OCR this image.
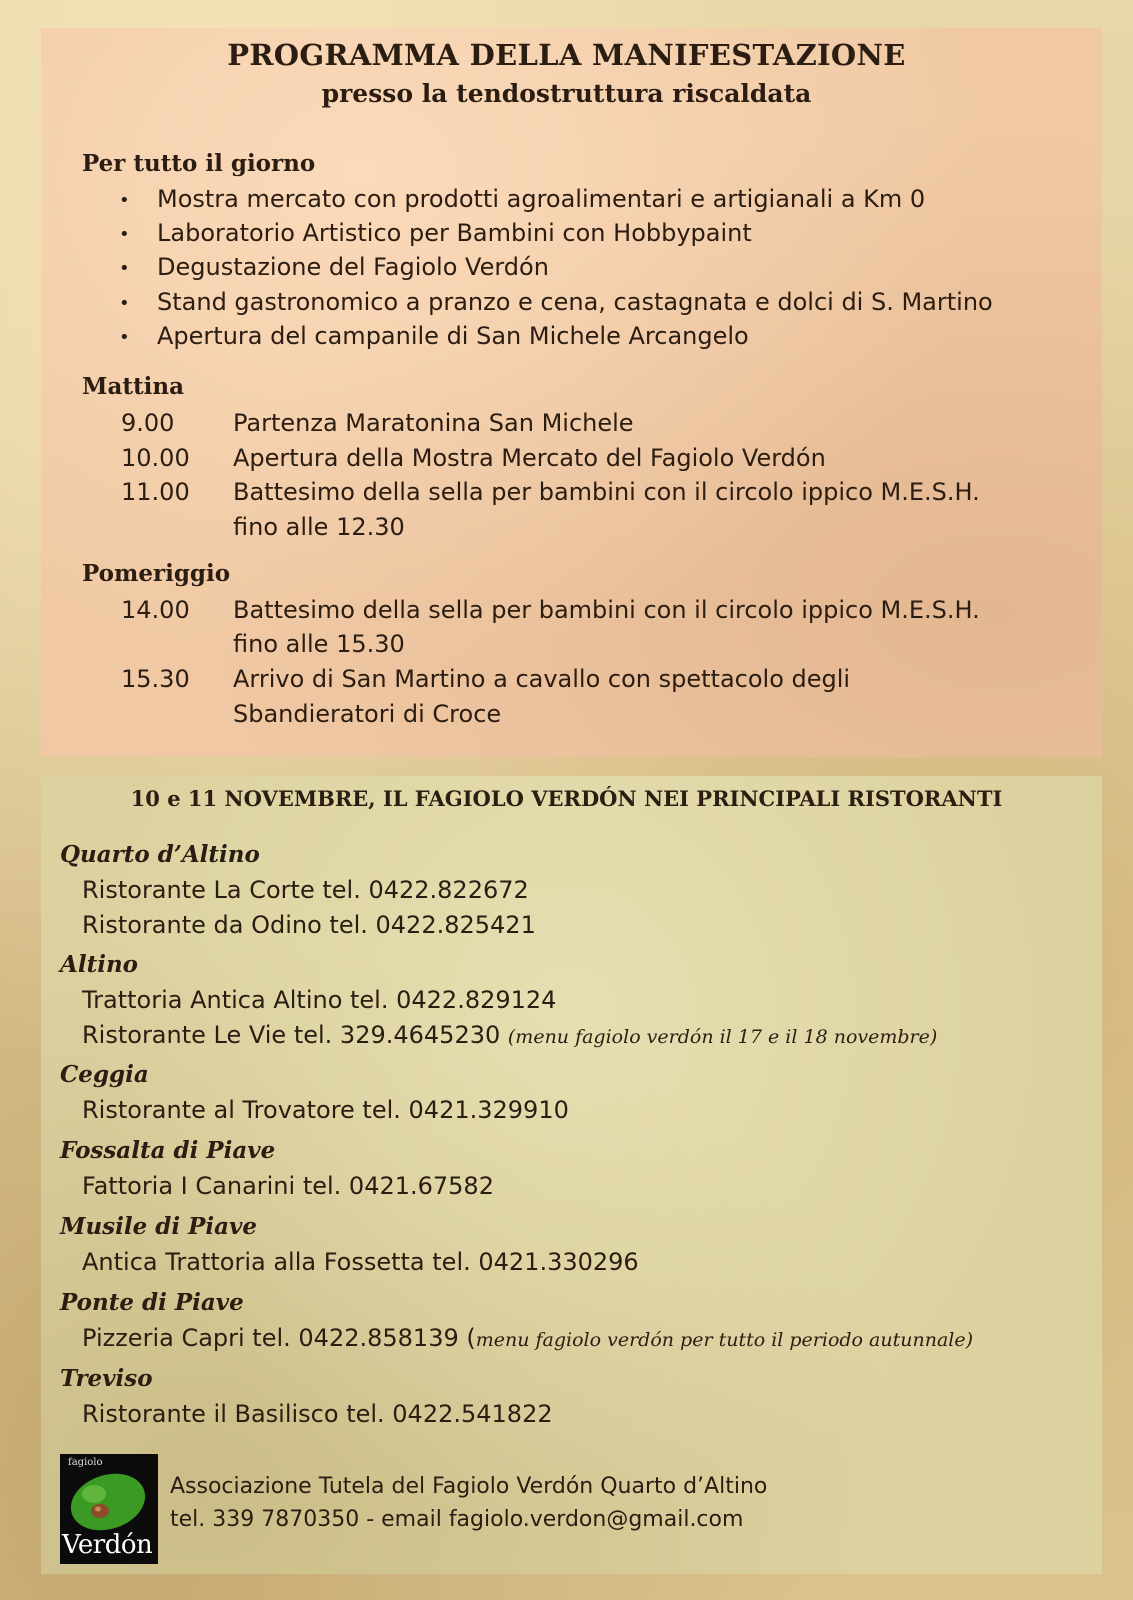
PROGRAMMA DELLA MANIFESTAZIONE
presso la tendostruttura riscaldata
Per tutto il giorno
• Mostra mercato con prodotti agroalimentari e artigianali a Km 0
• Laboratorio Artistico per Bambini con Hobbypaint
• Degustazione del Fagiolo Verdón
• Stand gastronomico a pranzo e cena, castagnata e dolci di S. Martino
• Apertura del campanile di San Michele Arcangelo
Mattina
9.00 Partenza Maratonina San Michele
10.00 Apertura della Mostra Mercato del Fagiolo Verdón
11.00 Battesimo della sella per bambini con il circolo ippico M.E.S.H.
fino alle 12.30
Pomeriggio
14.00 Battesimo della sella per bambini con il circolo ippico M.E.S.H.
fino alle 15.30
15.30 Arrivo di San Martino a cavallo con spettacolo degli
Sbandieratori di Croce
10 e 11 NOVEMBRE, IL FAGIOLO VERDÓN NEI PRINCIPALI RISTORANTI
Quarto d’Altino
Ristorante La Corte tel. 0422.822672
Ristorante da Odino tel. 0422.825421
Altino
Trattoria Antica Altino tel. 0422.829124
Ristorante Le Vie tel. 329.4645230 (menu fagiolo verdón il 17 e il 18 novembre)
Ceggia
Ristorante al Trovatore tel. 0421.329910
Fossalta di Piave
Fattoria I Canarini tel. 0421.67582
Musile di Piave
Antica Trattoria alla Fossetta tel. 0421.330296
Ponte di Piave
Pizzeria Capri tel. 0422.858139 (menu fagiolo verdón per tutto il periodo autunnale)
Treviso
Ristorante il Basilisco tel. 0422.541822
fagiolo
Verdón
Associazione Tutela del Fagiolo Verdón Quarto d’Altino
tel. 339 7870350 - email fagiolo.verdon@gmail.com
